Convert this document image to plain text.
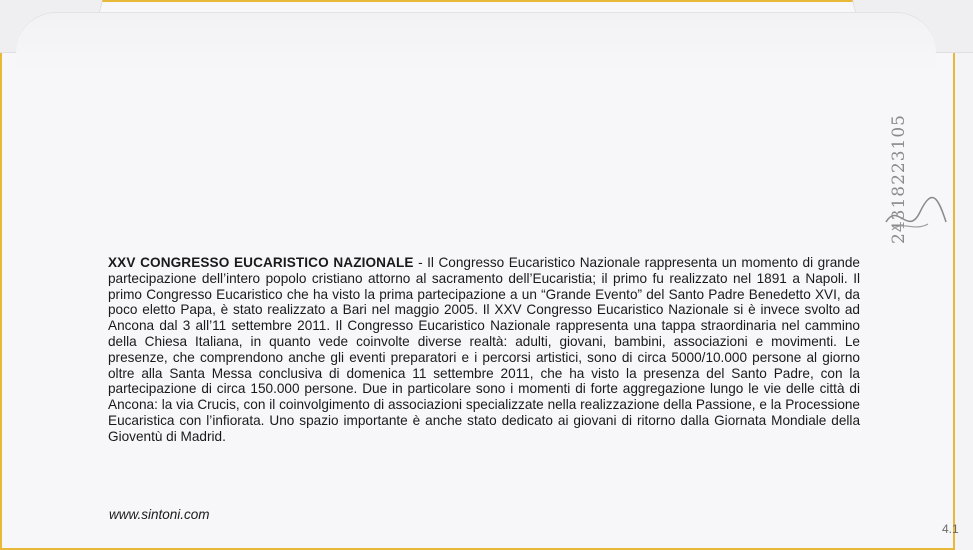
24318223105
XXV CONGRESSO EUCARISTICO NAZIONALE - Il Congresso Eucaristico Nazionale rappresenta un momento di grande partecipazione dell’intero popolo cristiano attorno al sacramento dell’Eucaristia; il primo fu realizzato nel 1891 a Napoli. Il primo Congresso Eucaristico che ha visto la prima partecipazione a un “Grande Evento” del Santo Padre Benedetto XVI, da poco eletto Papa, è stato realizzato a Bari nel maggio 2005. Il XXV Congresso Eucaristico Nazionale si è invece svolto ad Ancona dal 3 all’11 settembre 2011. Il Congresso Eucaristico Nazionale rappresenta una tappa straordinaria nel cammino della Chiesa Italiana, in quanto vede coinvolte diverse realtà: adulti, giovani, bambini, associazioni e movimenti. Le presenze, che comprendono anche gli eventi preparatori e i percorsi artistici, sono di circa 5000/10.000 persone al giorno oltre alla Santa Messa conclusiva di domenica 11 settembre 2011, che ha visto la presenza del Santo Padre, con la partecipazione di circa 150.000 persone. Due in particolare sono i momenti di forte aggregazione lungo le vie delle città di Ancona: la via Crucis, con il coinvolgimento di associazioni specializzate nella realizzazione della Passione, e la Processione Eucaristica con l’infiorata. Uno spazio importante è anche stato dedicato ai giovani di ritorno dalla Giornata Mondiale della Gioventù di Madrid.
www.sintoni.com
4.1
